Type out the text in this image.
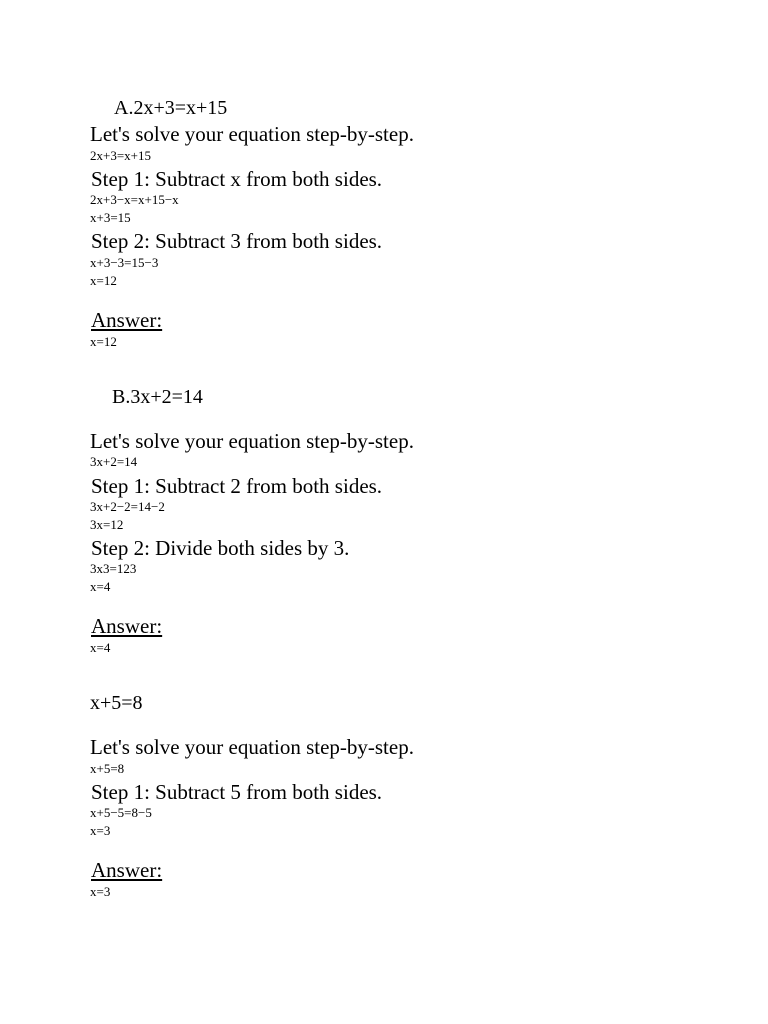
A.2x+3=x+15
Let's solve your equation step-by-step.
2x+3=x+15
Step 1: Subtract x from both sides.
2x+3−x=x+15−x
x+3=15
Step 2: Subtract 3 from both sides.
x+3−3=15−3
x=12
Answer:
x=12
B.3x+2=14
Let's solve your equation step-by-step.
3x+2=14
Step 1: Subtract 2 from both sides.
3x+2−2=14−2
3x=12
Step 2: Divide both sides by 3.
3x3=123
x=4
Answer:
x=4
x+5=8
Let's solve your equation step-by-step.
x+5=8
Step 1: Subtract 5 from both sides.
x+5−5=8−5
x=3
Answer:
x=3
